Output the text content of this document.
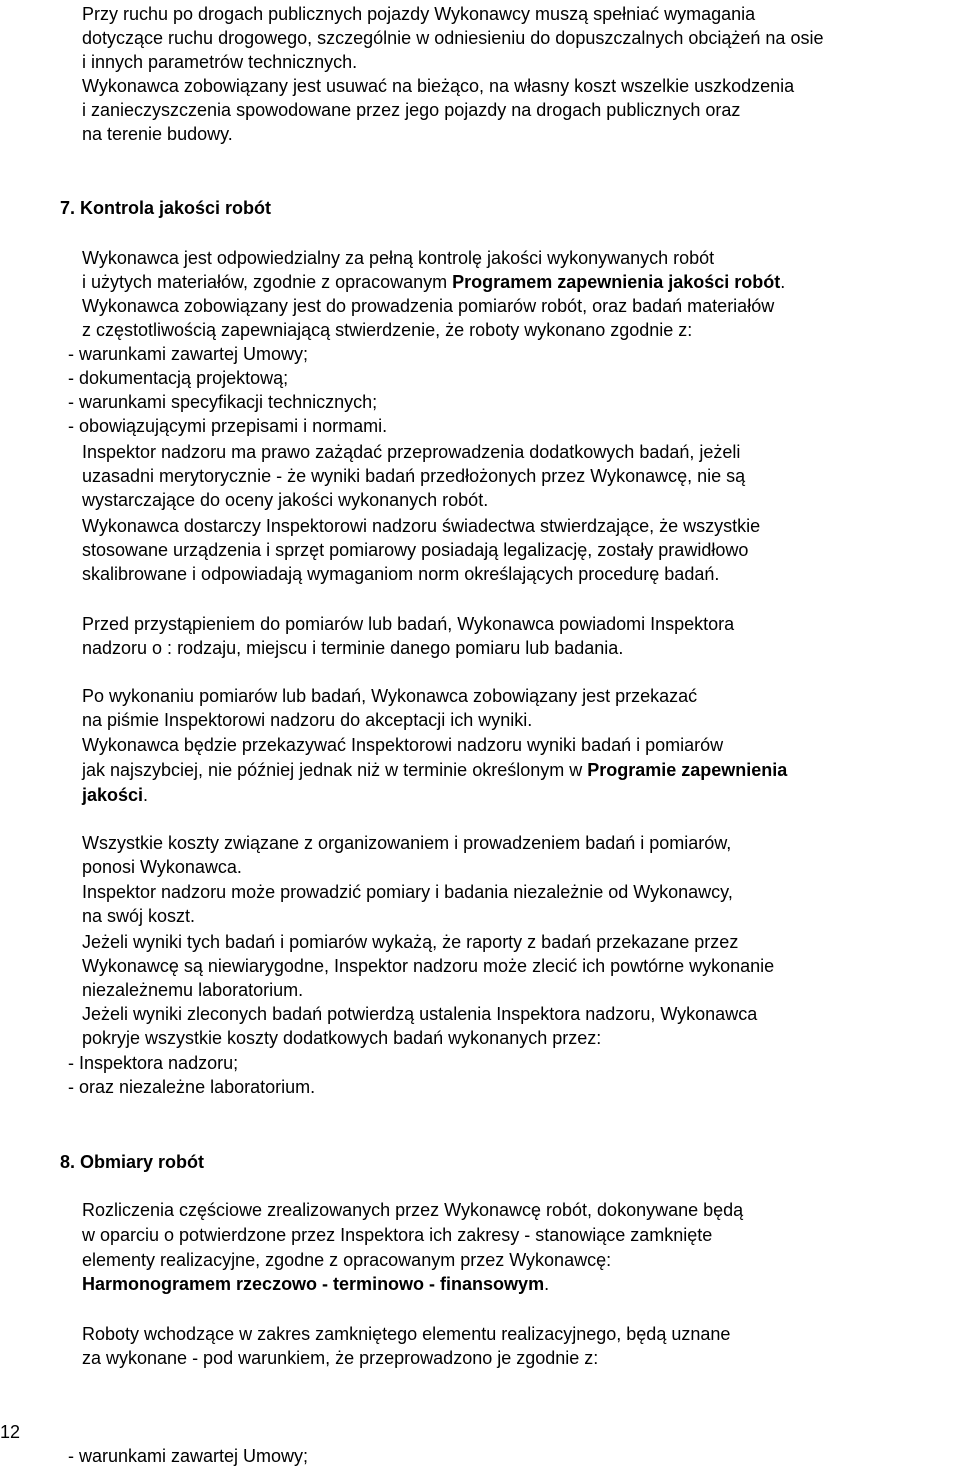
Przy ruchu po drogach publicznych pojazdy Wykonawcy muszą spełniać wymagania
dotyczące ruchu drogowego, szczególnie w odniesieniu do dopuszczalnych obciążeń na osie
i innych parametrów technicznych.
Wykonawca zobowiązany jest usuwać na bieżąco, na własny koszt wszelkie uszkodzenia
i zanieczyszczenia spowodowane przez jego pojazdy na drogach publicznych oraz
na terenie budowy.
7. Kontrola jakości robót
Wykonawca jest odpowiedzialny za pełną kontrolę jakości wykonywanych robót
i użytych materiałów, zgodnie z opracowanym Programem zapewnienia jakości robót.
Wykonawca zobowiązany jest do prowadzenia pomiarów robót, oraz badań materiałów
z częstotliwością zapewniającą stwierdzenie, że roboty wykonano zgodnie z:
- warunkami zawartej Umowy;
- dokumentacją projektową;
- warunkami specyfikacji technicznych;
- obowiązującymi przepisami i normami.
Inspektor nadzoru ma prawo zażądać przeprowadzenia dodatkowych badań, jeżeli
uzasadni merytorycznie - że wyniki badań przedłożonych przez Wykonawcę, nie są
wystarczające do oceny jakości wykonanych robót.
Wykonawca dostarczy Inspektorowi nadzoru świadectwa stwierdzające, że wszystkie
stosowane urządzenia i sprzęt pomiarowy posiadają legalizację, zostały prawidłowo
skalibrowane i odpowiadają wymaganiom norm określających procedurę badań.
Przed przystąpieniem do pomiarów lub badań, Wykonawca powiadomi Inspektora
nadzoru o : rodzaju, miejscu i terminie danego pomiaru lub badania.
Po wykonaniu pomiarów lub badań, Wykonawca zobowiązany jest przekazać
na piśmie Inspektorowi nadzoru do akceptacji ich wyniki.
Wykonawca będzie przekazywać Inspektorowi nadzoru wyniki badań i pomiarów
jak najszybciej, nie później jednak niż w terminie określonym w Programie zapewnienia
jakości.
Wszystkie koszty związane z organizowaniem i prowadzeniem badań i pomiarów,
ponosi Wykonawca.
Inspektor nadzoru może prowadzić pomiary i badania niezależnie od Wykonawcy,
na swój koszt.
Jeżeli wyniki tych badań i pomiarów wykażą, że raporty z badań przekazane przez
Wykonawcę są niewiarygodne, Inspektor nadzoru może zlecić ich powtórne wykonanie
niezależnemu laboratorium.
Jeżeli wyniki zleconych badań potwierdzą ustalenia Inspektora nadzoru, Wykonawca
pokryje wszystkie koszty dodatkowych badań wykonanych przez:
- Inspektora nadzoru;
- oraz niezależne laboratorium.
8. Obmiary robót
Rozliczenia częściowe zrealizowanych przez Wykonawcę robót, dokonywane będą
w oparciu o potwierdzone przez Inspektora ich zakresy - stanowiące zamknięte
elementy realizacyjne, zgodne z opracowanym przez Wykonawcę:
Harmonogramem rzeczowo - terminowo - finansowym.
Roboty wchodzące w zakres zamkniętego elementu realizacyjnego, będą uznane
za wykonane - pod warunkiem, że przeprowadzono je zgodnie z:
12
- warunkami zawartej Umowy;
